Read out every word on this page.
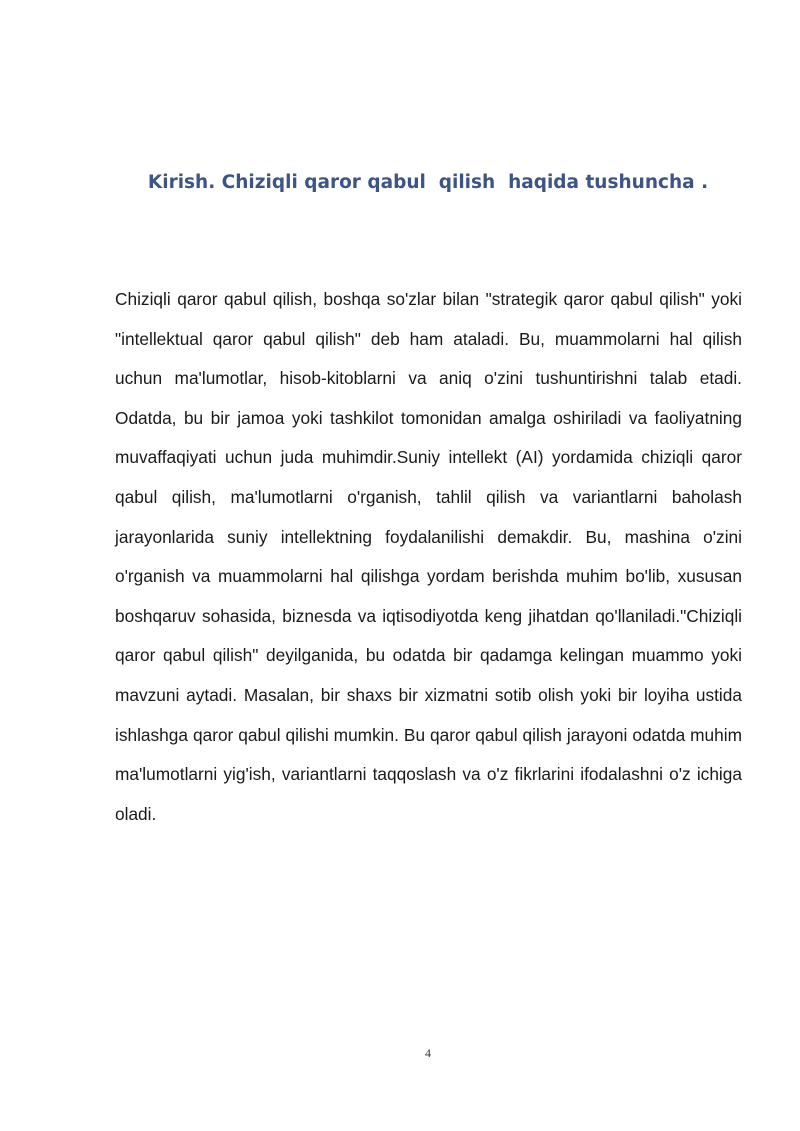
Kirish. Chiziqli qaror qabul  qilish  haqida tushuncha .

Chiziqli qaror qabul qilish, boshqa so'zlar bilan "strategik qaror qabul qilish" yoki "intellektual qaror qabul qilish" deb ham ataladi. Bu, muammolarni hal qilish uchun ma'lumotlar, hisob-kitoblarni va aniq o'zini tushuntirishni talab etadi. Odatda, bu bir jamoa yoki tashkilot tomonidan amalga oshiriladi va faoliyatning muvaffaqiyati uchun juda muhimdir.Suniy intellekt (AI) yordamida chiziqli qaror qabul qilish, ma'lumotlarni o'rganish, tahlil qilish va variantlarni baholash jarayonlarida suniy intellektning foydalanilishi demakdir. Bu, mashina o'zini o'rganish va muammolarni hal qilishga yordam berishda muhim bo'lib, xususan boshqaruv sohasida, biznesda va iqtisodiyotda keng jihatdan qo'llaniladi."Chiziqli qaror qabul qilish" deyilganida, bu odatda bir qadamga kelingan muammo yoki mavzuni aytadi. Masalan, bir shaxs bir xizmatni sotib olish yoki bir loyiha ustida ishlashga qaror qabul qilishi mumkin. Bu qaror qabul qilish jarayoni odatda muhim ma'lumotlarni yig'ish, variantlarni taqqoslash va o'z fikrlarini ifodalashni o'z ichiga oladi.

4
